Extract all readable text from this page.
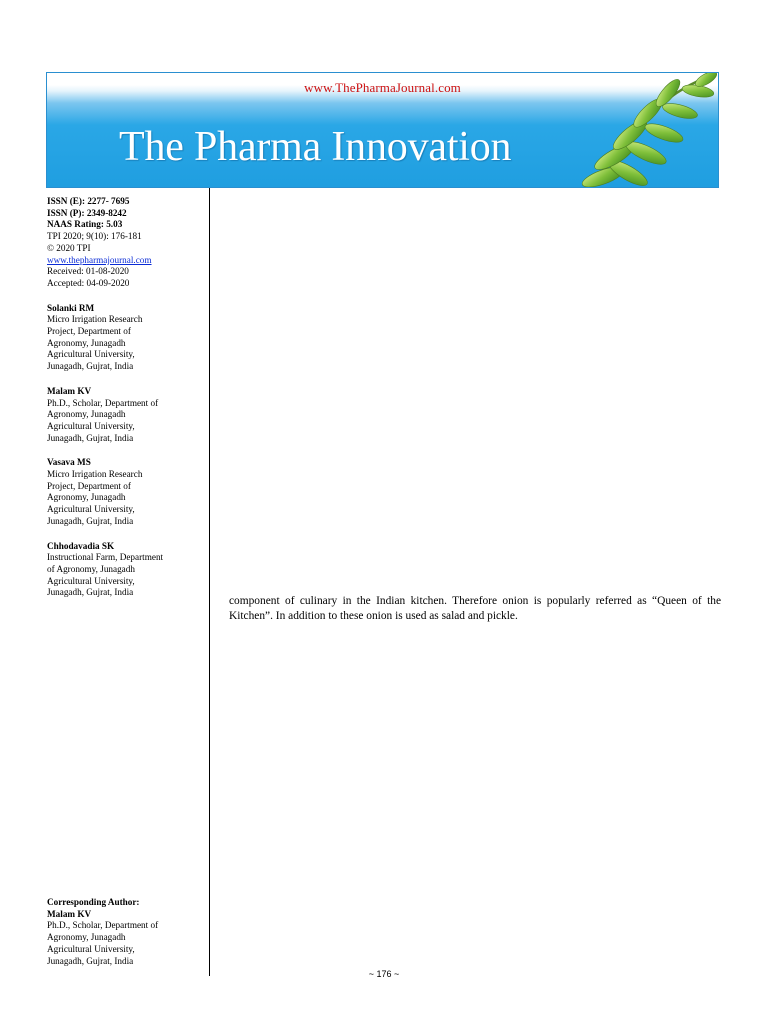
www.ThePharmaJournal.com
The Pharma Innovation
ISSN (E): 2277- 7695
ISSN (P): 2349-8242
NAAS Rating: 5.03
TPI 2020; 9(10): 176-181
© 2020 TPI
www.thepharmajournal.com
Received: 01-08-2020
Accepted: 04-09-2020
Solanki RM
Micro Irrigation Research
Project, Department of
Agronomy, Junagadh
Agricultural University,
Junagadh, Gujrat, India
Malam KV
Ph.D., Scholar, Department of
Agronomy, Junagadh
Agricultural University,
Junagadh, Gujrat, India
Vasava MS
Micro Irrigation Research
Project, Department of
Agronomy, Junagadh
Agricultural University,
Junagadh, Gujrat, India
Chhodavadia SK
Instructional Farm, Department
of Agronomy, Junagadh
Agricultural University,
Junagadh, Gujrat, India
Corresponding Author:
Malam KV
Ph.D., Scholar, Department of
Agronomy, Junagadh
Agricultural University,
Junagadh, Gujrat, India
component of culinary in the Indian kitchen. Therefore onion is popularly referred as “Queen of the Kitchen”. In addition to these onion is used as salad and pickle.
~ 176 ~
